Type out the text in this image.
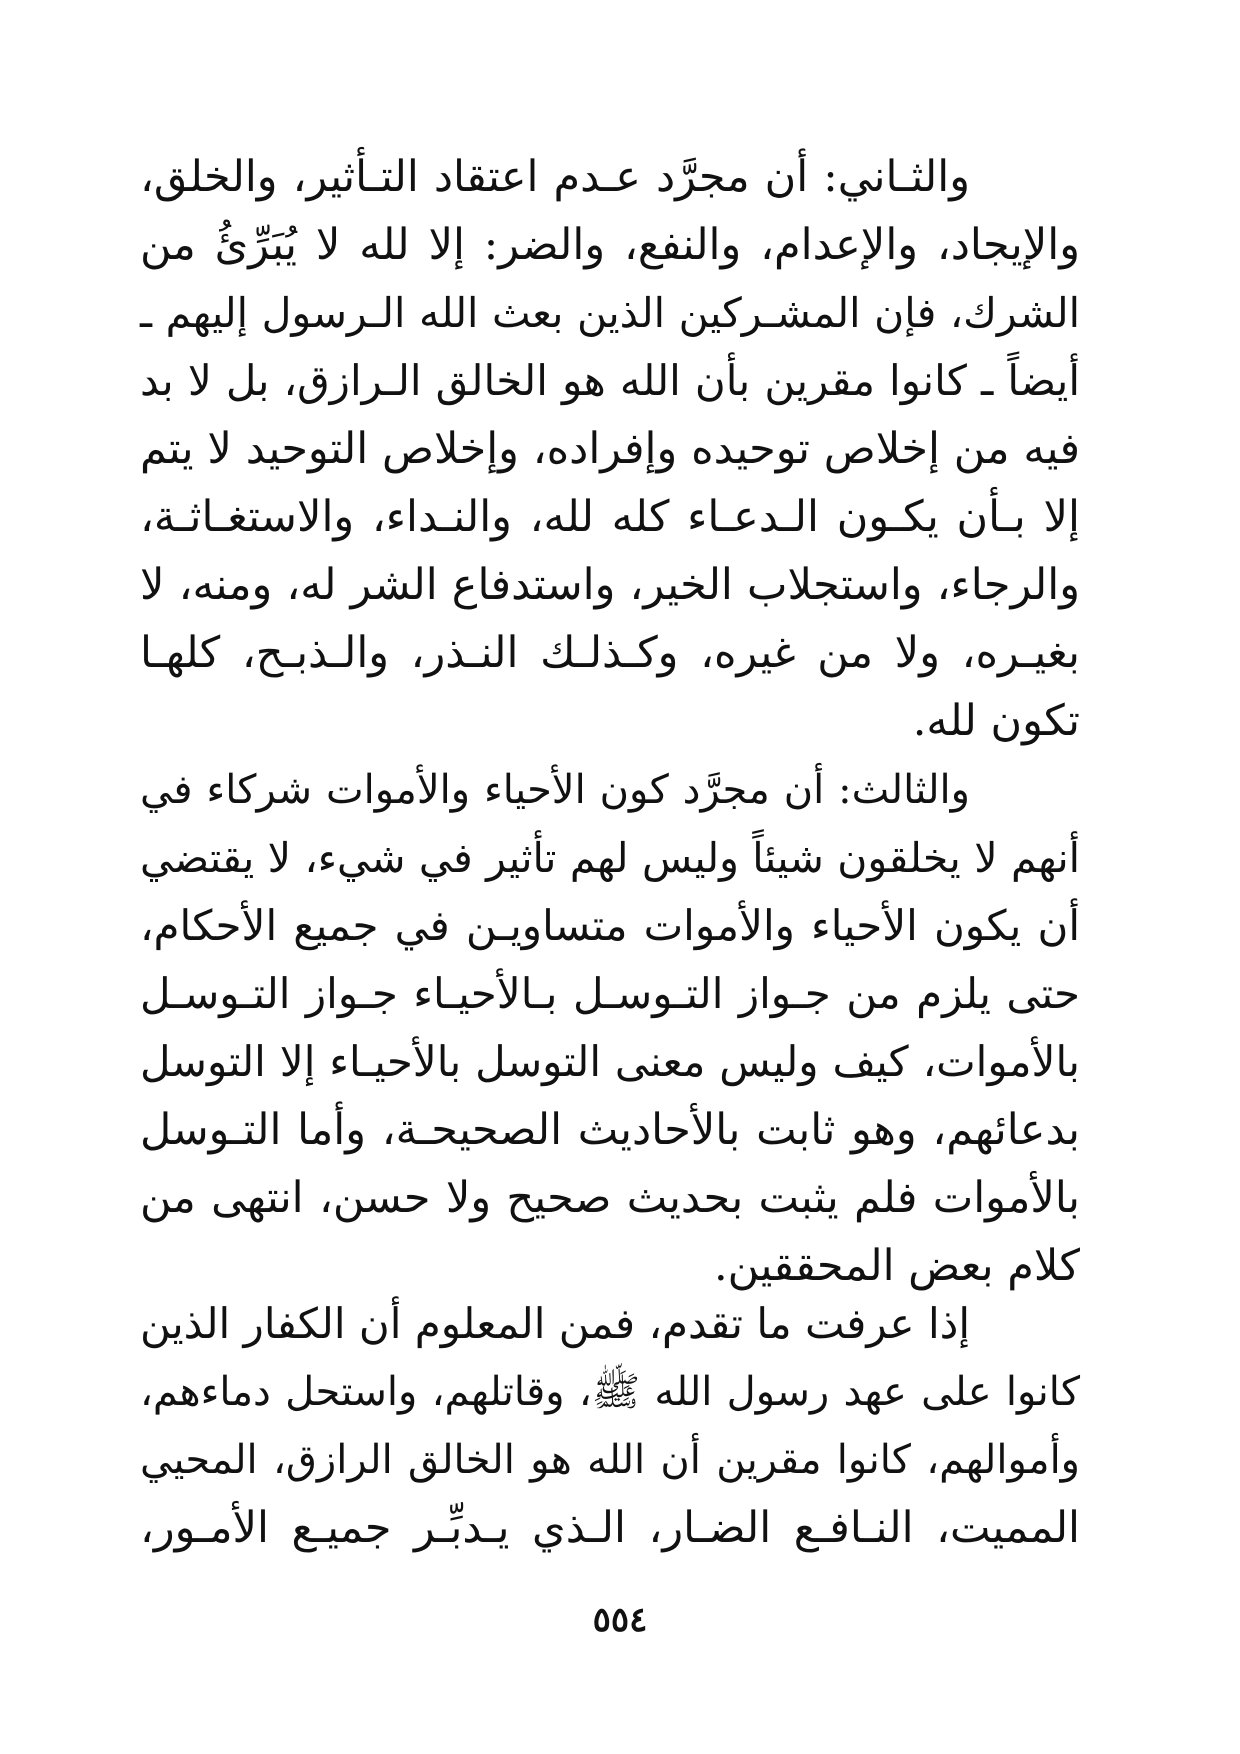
والثـاني: أن مجرَّد عـدم اعتقاد التـأثير، والخلق،
والإيجاد، والإعدام، والنفع، والضر: إلا لله لا يُبَرِّئُ من
الشرك، فإن المشـركين الذين بعث الله الـرسول إليهم ـ
أيضاً ـ كانوا مقرين بأن الله هو الخالق الـرازق، بل لا بد
فيه من إخلاص توحيده وإفراده، وإخلاص التوحيد لا يتم
إلا بـأن يكـون الـدعـاء كله لله، والنـداء، والاستغـاثـة،
والرجاء، واستجلاب الخير، واستدفاع الشر له، ومنه، لا
بغيـره، ولا من غيره، وكـذلـك النـذر، والـذبـح، كلهـا
تكون لله.
والثالث: أن مجرَّد كون الأحياء والأموات شركاء في
أنهم لا يخلقون شيئاً وليس لهم تأثير في شيء، لا يقتضي
أن يكون الأحياء والأموات متساويـن في جميع الأحكام،
حتى يلزم من جـواز التـوسـل بـالأحيـاء جـواز التـوسـل
بالأموات، كيف وليس معنى التوسل بالأحيـاء إلا التوسل
بدعائهم، وهو ثابت بالأحاديث الصحيحـة، وأما التـوسل
بالأموات فلم يثبت بحديث صحيح ولا حسن، انتهى من
كلام بعض المحققين.
إذا عرفت ما تقدم، فمن المعلوم أن الكفار الذين
كانوا على عهد رسول الله ﷺ، وقاتلهم، واستحل دماءهم،
وأموالهم، كانوا مقرين أن الله هو الخالق الرازق، المحيي
المميت، النـافـع الضـار، الـذي يـدبِّـر جميـع الأمـور،
٥٥٤
